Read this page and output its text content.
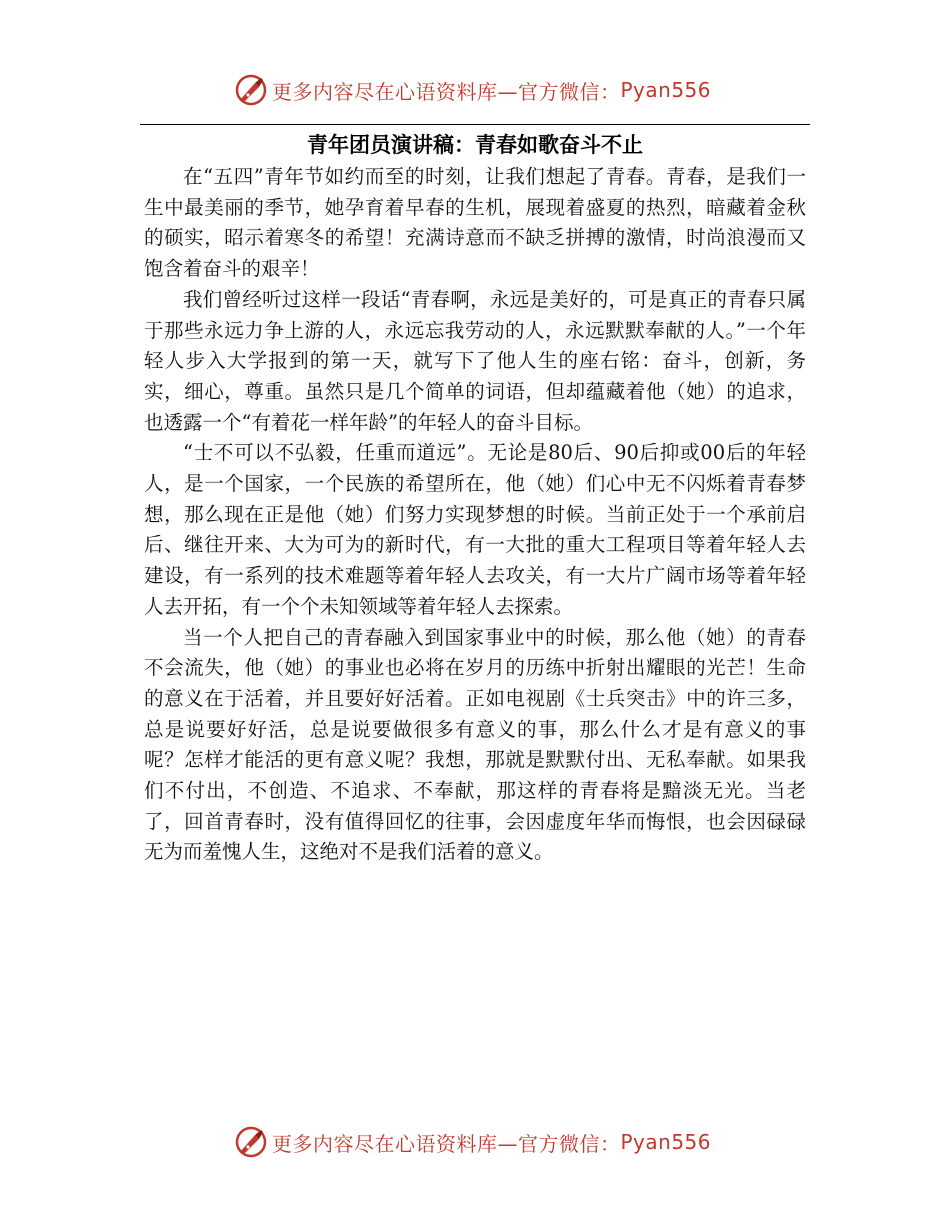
更多内容尽在心语资料库—官方微信： Pyan556
青年团员演讲稿：青春如歌奋斗不止

在“五四”青年节如约而至的时刻，让我们想起了青春。青春，是我们一生中最美丽的季节，她孕育着早春的生机，展现着盛夏的热烈，暗藏着金秋的硕实，昭示着寒冬的希望！充满诗意而不缺乏拼搏的激情，时尚浪漫而又饱含着奋斗的艰辛！

我们曾经听过这样一段话“青春啊，永远是美好的，可是真正的青春只属于那些永远力争上游的人，永远忘我劳动的人，永远默默奉献的人。”一个年轻人步入大学报到的第一天，就写下了他人生的座右铭：奋斗，创新，务实，细心，尊重。虽然只是几个简单的词语，但却蕴藏着他（她）的追求，也透露一个“有着花一样年龄”的年轻人的奋斗目标。

“士不可以不弘毅，任重而道远”。无论是80后、90后抑或00后的年轻人，是一个国家，一个民族的希望所在，他（她）们心中无不闪烁着青春梦想，那么现在正是他（她）们努力实现梦想的时候。当前正处于一个承前启后、继往开来、大为可为的新时代，有一大批的重大工程项目等着年轻人去建设，有一系列的技术难题等着年轻人去攻关，有一大片广阔市场等着年轻人去开拓，有一个个未知领域等着年轻人去探索。

当一个人把自己的青春融入到国家事业中的时候，那么他（她）的青春不会流失，他（她）的事业也必将在岁月的历练中折射出耀眼的光芒！生命的意义在于活着，并且要好好活着。正如电视剧《士兵突击》中的许三多，总是说要好好活，总是说要做很多有意义的事，那么什么才是有意义的事呢？怎样才能活的更有意义呢？我想，那就是默默付出、无私奉献。如果我们不付出，不创造、不追求、不奉献，那这样的青春将是黯淡无光。当老了，回首青春时，没有值得回忆的往事，会因虚度年华而悔恨，也会因碌碌无为而羞愧人生，这绝对不是我们活着的意义。

更多内容尽在心语资料库—官方微信： Pyan556
